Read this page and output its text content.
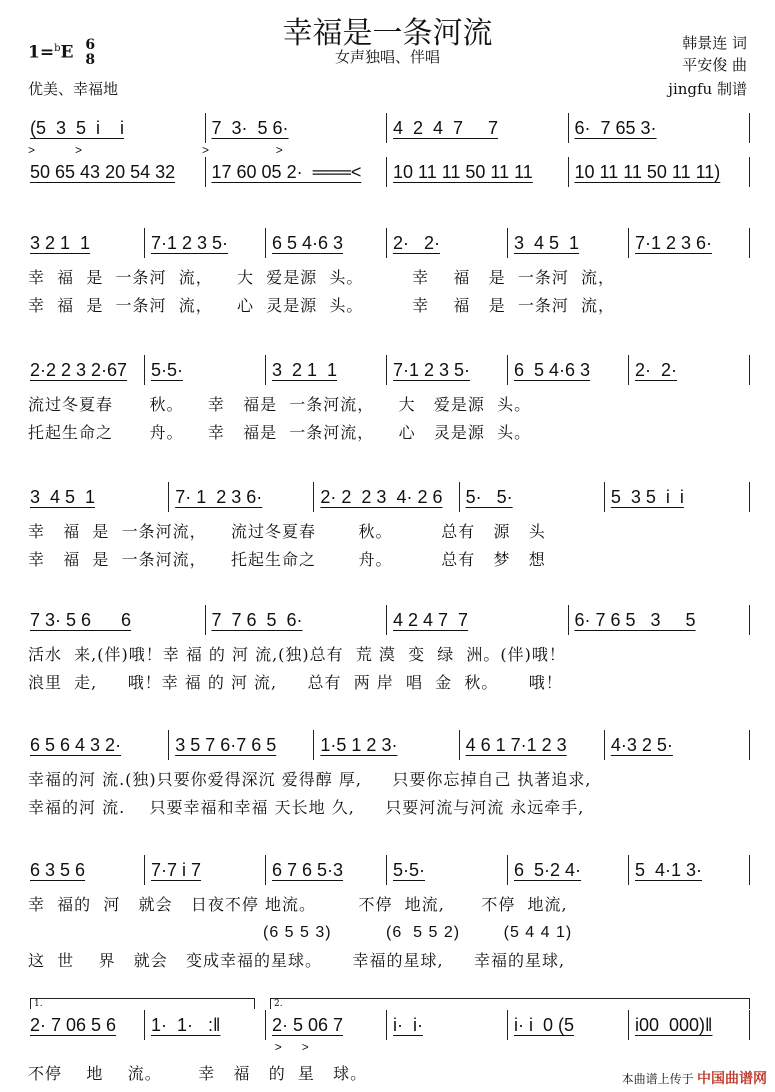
幸福是一条河流
女声独唱、伴唱
1=$^b$E 6
8
优美、幸福地
韩景连 词
平安俊 曲
jingfu 制谱
本曲谱上传于 中国曲谱网
(5  3  5  i    i	7  3·  5 6·	4  2  4  7     7	6·  7 65 3·
>            >                                    >                    >
50 65 43 20 54 32	17 60 05 2·  ═══<	10 11 11 50 11 11	10 11 11 50 11 11)
3 2 1  1	7·1 2 3 5·	6 5 4·6 3	2·   2·	3  4 5  1	7·1 2 3 6·
幸  福  是  一条河  流，    大  爱是源  头。        幸    福   是  一条河  流，
幸  福  是  一条河  流，    心  灵是源  头。        幸    福   是  一条河  流，
2·2 2 3 2·67	5·5·	3  2 1  1	7·1 2 3 5·	6  5 4·6 3	2·  2·
流过冬夏春      秋。    幸   福是  一条河流，    大   爱是源  头。
托起生命之      舟。    幸   福是  一条河流，    心   灵是源  头。
3  4 5  1	7· 1  2 3 6·	2· 2  2 3  4· 2 6	5·   5·	5  3 5  i  i
幸   福  是  一条河流，    流过冬夏春       秋。        总有   源   头
幸   福  是  一条河流，    托起生命之       舟。        总有   梦   想
7 3· 5 6      6	7  7 6  5  6·	4 2 4 7  7	6· 7 6 5   3     5
活水  来,(伴)哦！幸 福 的 河 流,(独)总有  荒 漠  变  绿  洲。(伴)哦！
浪里  走,     哦！幸 福 的 河 流,     总有  两 岸  唱  金  秋。     哦！
6 5 6 4 3 2·	3 5 7 6·7 6 5	1·5 1 2 3·	4 6 1 7·1 2 3	4·3 2 5·
幸福的河 流.(独)只要你爱得深沉 爱得醇 厚,     只要你忘掉自己 执著追求,
幸福的河 流.    只要幸福和幸福 天长地 久,     只要河流与河流 永远牵手,
6 3 5 6	7·7 i 7	6 7 6 5·3	5·5·	6  5·2 4·	5  4·1 3·
幸  福的  河   就会   日夜不停 地流。       不停  地流,      不停  地流,
(6 5 5 3)          (6  5 5 2)        (5 4 4 1)
这  世    界   就会   变成幸福的星球。     幸福的星球,     幸福的星球,
1.	2.
2· 7 06 5 6	1·  1·   :‖	2· 5 06 7	i·  i·	i· i  0 (5	i00  000)‖
>      >
不停    地    流。      幸   福   的  星   球。
